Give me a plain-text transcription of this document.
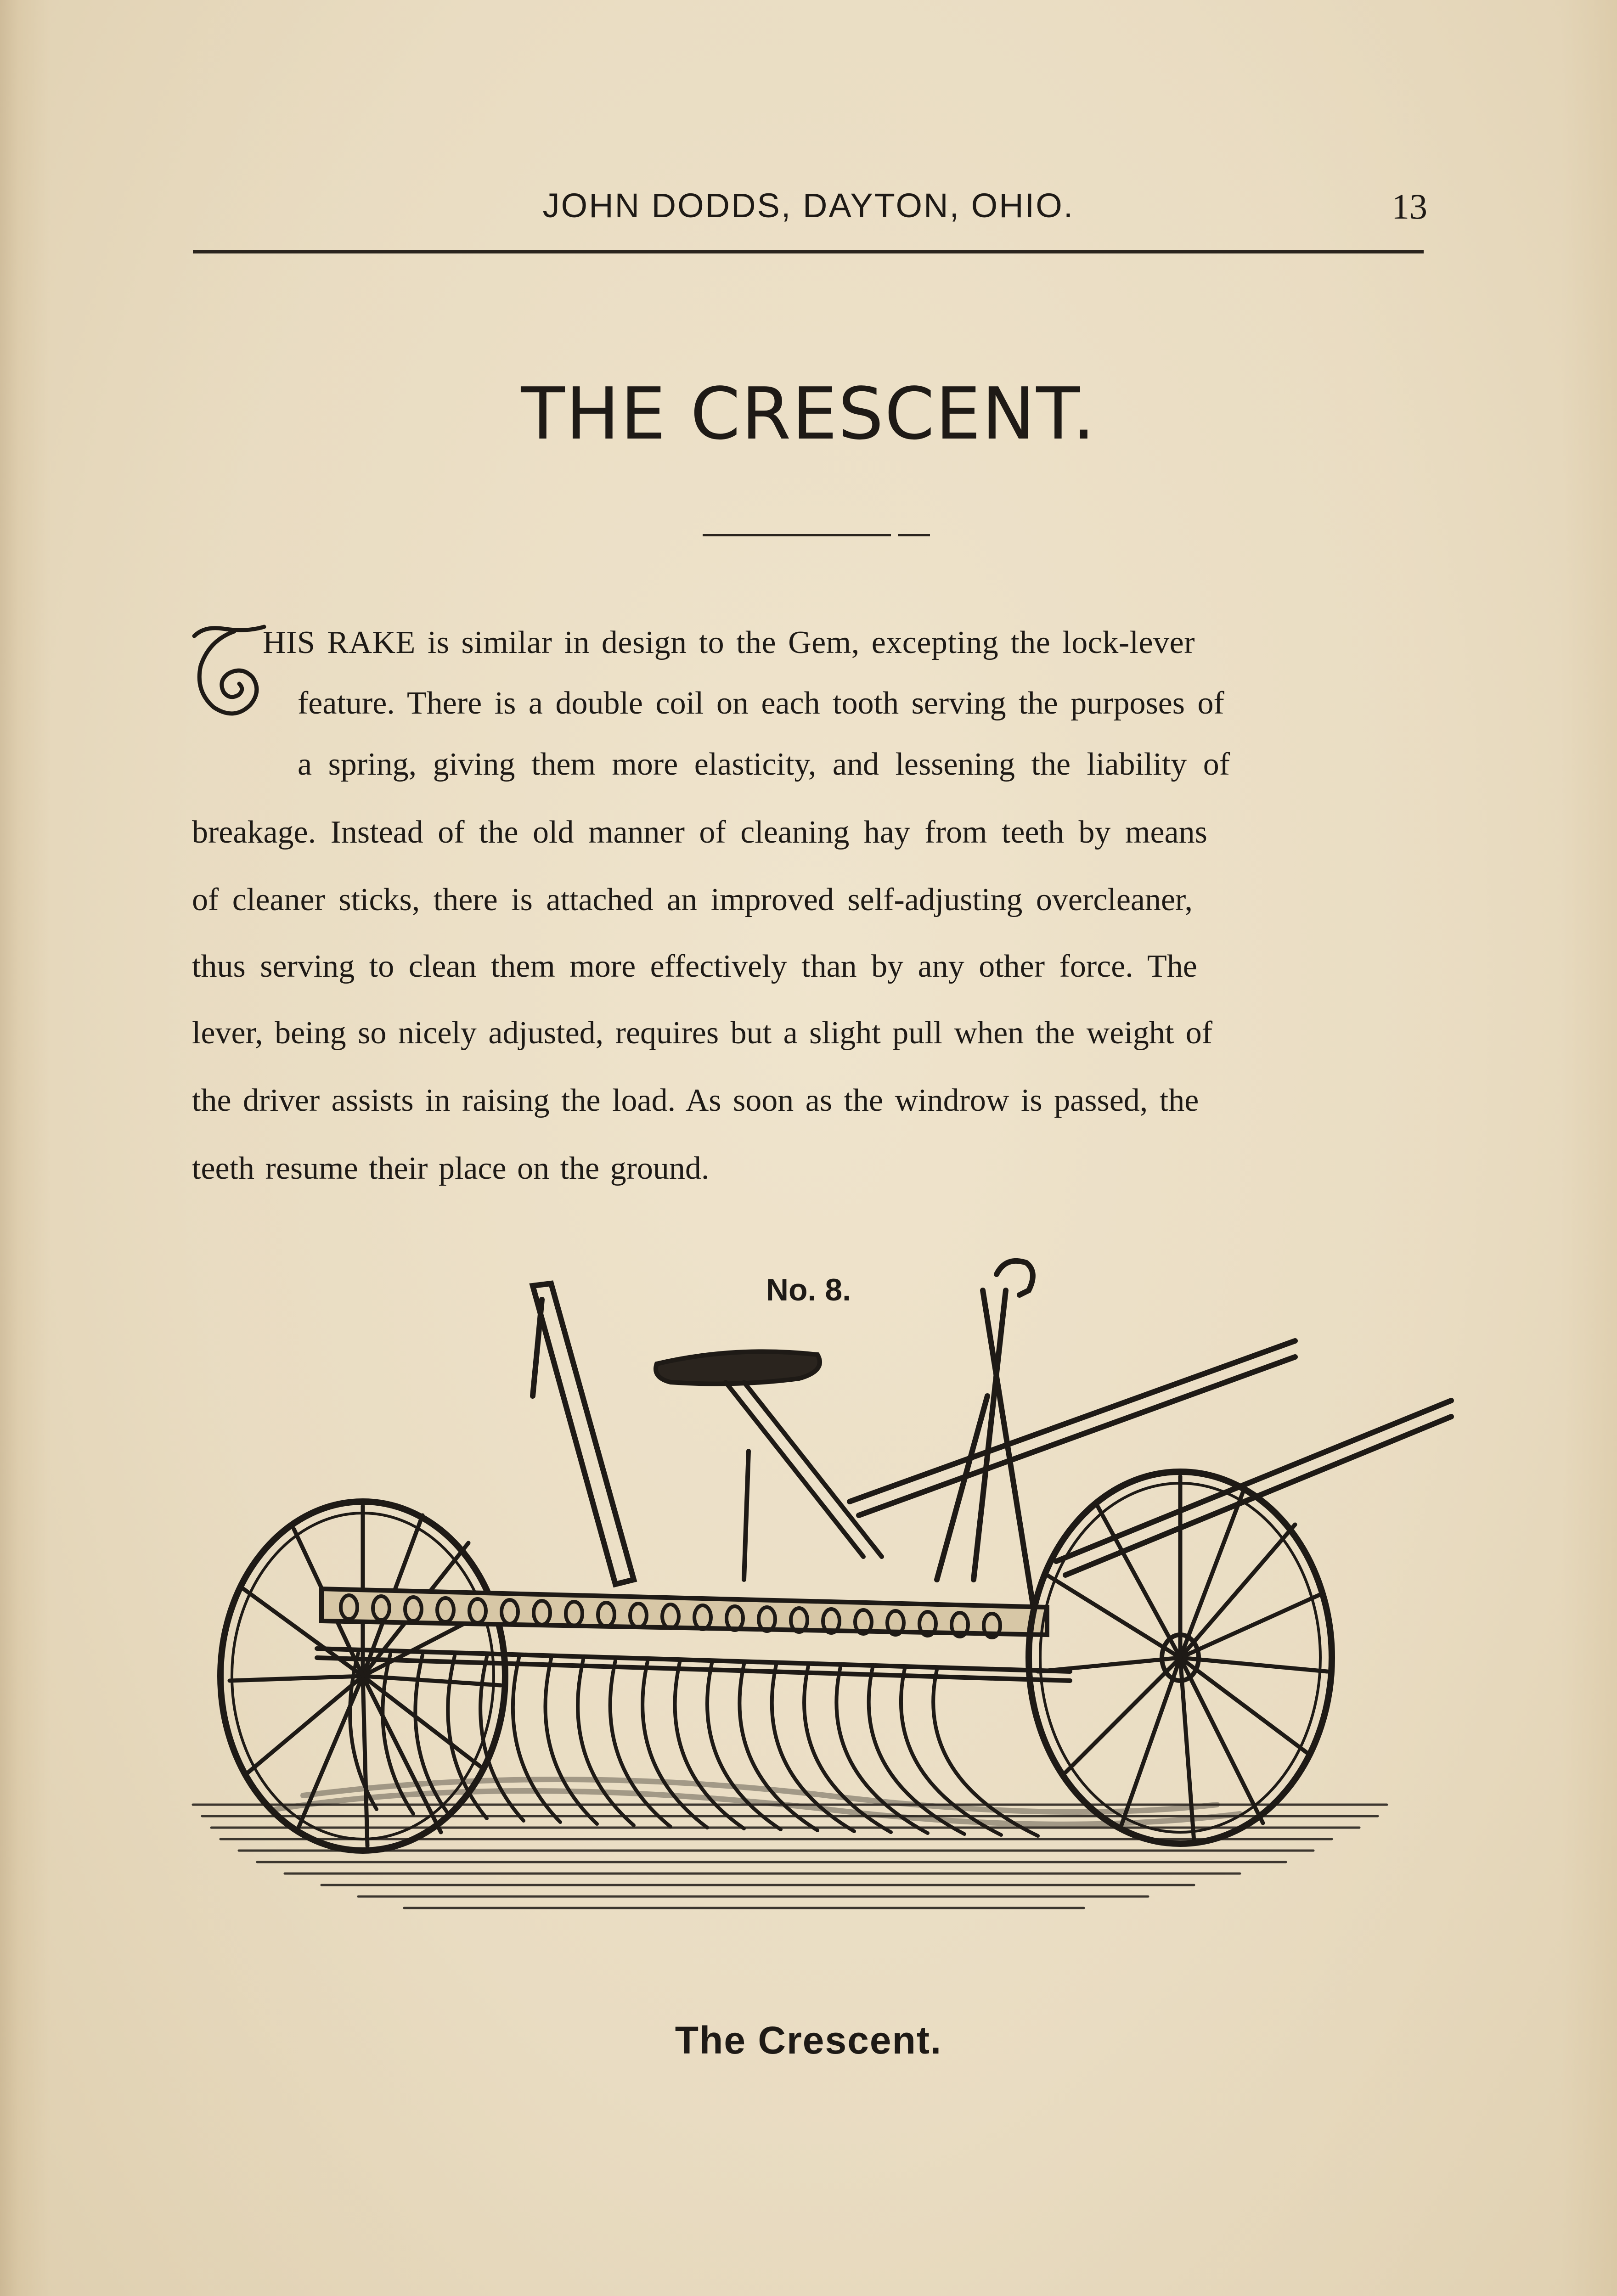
JOHN DODDS, DAYTON, OHIO.	13
THE CRESCENT.
HIS RAKE is similar in design to the Gem, excepting the lock-lever
feature. There is a double coil on each tooth serving the purposes of
a spring, giving them more elasticity, and lessening the liability of
breakage. Instead of the old manner of cleaning hay from teeth by means
of cleaner sticks, there is attached an improved self-adjusting overcleaner,
thus serving to clean them more effectively than by any other force. The
lever, being so nicely adjusted, requires but a slight pull when the weight of
the driver assists in raising the load. As soon as the windrow is passed, the
teeth resume their place on the ground.
No. 8.
The Crescent.
